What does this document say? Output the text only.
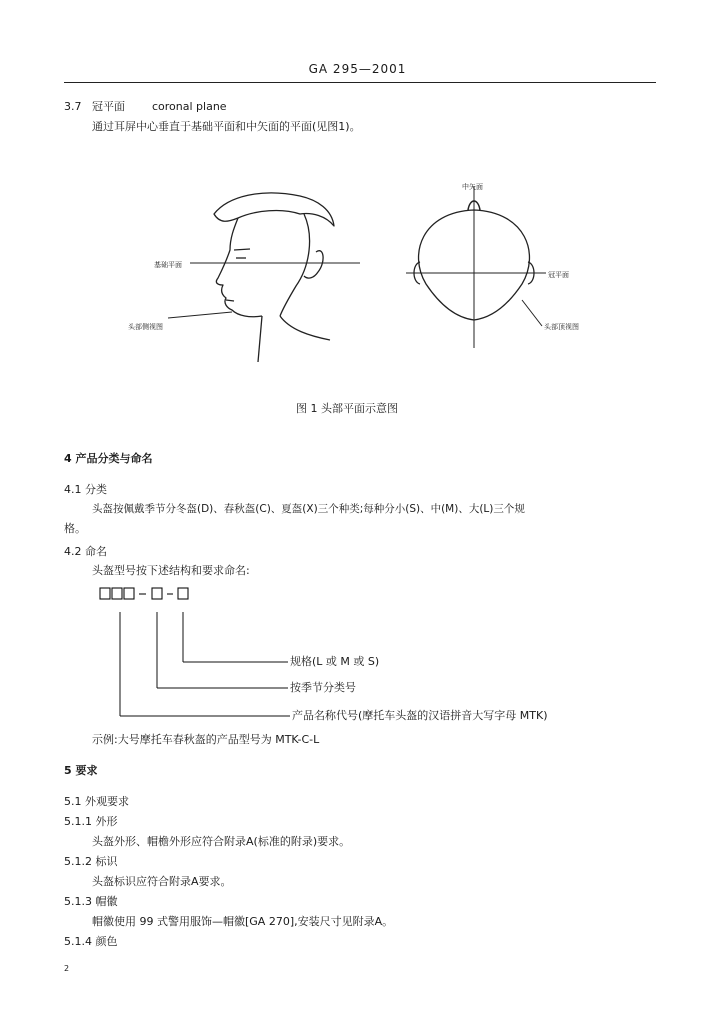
GA 295—2001
3.7 冠平面 coronal plane
通过耳屏中心垂直于基础平面和中矢面的平面(见图1)。
基础平面
头部侧视图
中矢面
冠平面
头部顶视图
图 1 头部平面示意图
4 产品分类与命名
4.1 分类
头盔按佩戴季节分冬盔(D)、春秋盔(C)、夏盔(X)三个种类;每种分小(S)、中(M)、大(L)三个规
格。
4.2 命名
头盔型号按下述结构和要求命名:
规格(L 或 M 或 S)
按季节分类号
产品名称代号(摩托车头盔的汉语拼音大写字母 MTK)
示例:大号摩托车春秋盔的产品型号为 MTK-C-L
5 要求
5.1 外观要求
5.1.1 外形
头盔外形、帽檐外形应符合附录A(标准的附录)要求。
5.1.2 标识
头盔标识应符合附录A要求。
5.1.3 帽徽
帽徽使用 99 式警用服饰—帽徽[GA 270],安装尺寸见附录A。
5.1.4 颜色
2
